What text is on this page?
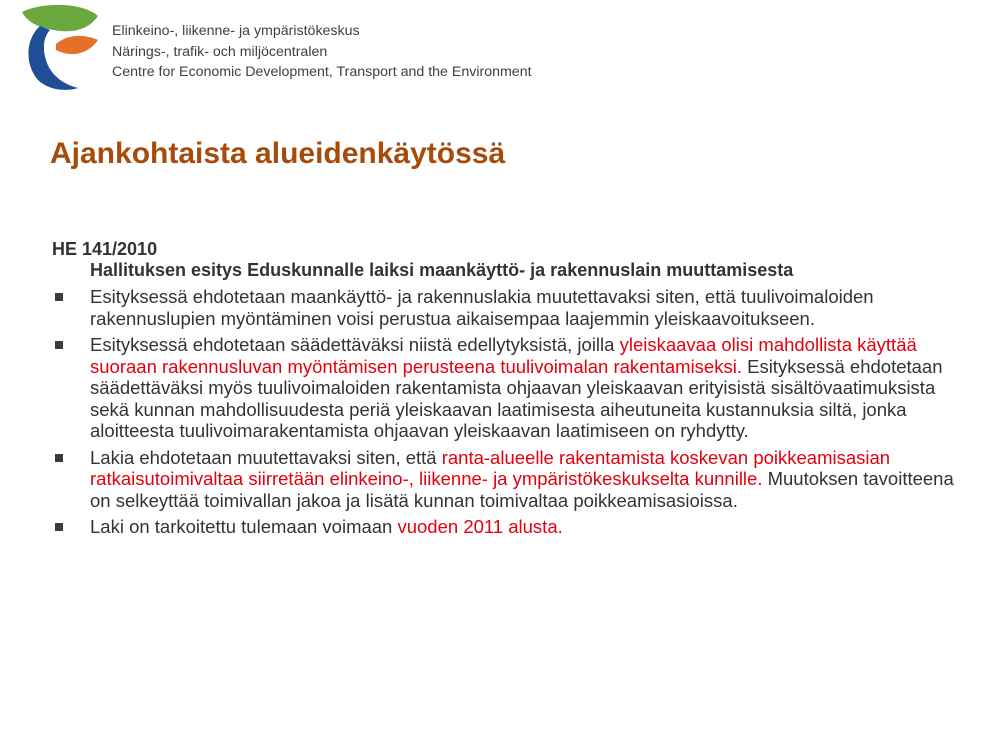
Elinkeino-, liikenne- ja ympäristökeskus
Närings-, trafik- och miljöcentralen
Centre for Economic Development, Transport and the Environment
Ajankohtaista alueidenkäytössä
HE 141/2010
Hallituksen esitys Eduskunnalle laiksi maankäyttö- ja rakennuslain muuttamisesta
Esityksessä ehdotetaan maankäyttö- ja rakennuslakia muutettavaksi siten, että tuulivoimaloiden rakennuslupien myöntäminen voisi perustua aikaisempaa laajemmin yleiskaavoitukseen.
Esityksessä ehdotetaan säädettäväksi niistä edellytyksistä, joilla yleiskaavaa olisi mahdollista käyttää suoraan rakennusluvan myöntämisen perusteena tuulivoimalan rakentamiseksi. Esityksessä ehdotetaan säädettäväksi myös tuulivoimaloiden rakentamista ohjaavan yleiskaavan erityisistä sisältövaatimuksista sekä kunnan mahdollisuudesta periä yleiskaavan laatimisesta aiheutuneita kustannuksia siltä, jonka aloitteesta tuulivoimarakentamista ohjaavan yleiskaavan laatimiseen on ryhdytty.
Lakia ehdotetaan muutettavaksi siten, että ranta-alueelle rakentamista koskevan poikkeamisasian ratkaisutoimivaltaa siirretään elinkeino-, liikenne- ja ympäristökeskukselta kunnille. Muutoksen tavoitteena on selkeyttää toimivallan jakoa ja lisätä kunnan toimivaltaa poikkeamisasioissa.
Laki on tarkoitettu tulemaan voimaan vuoden 2011 alusta.
